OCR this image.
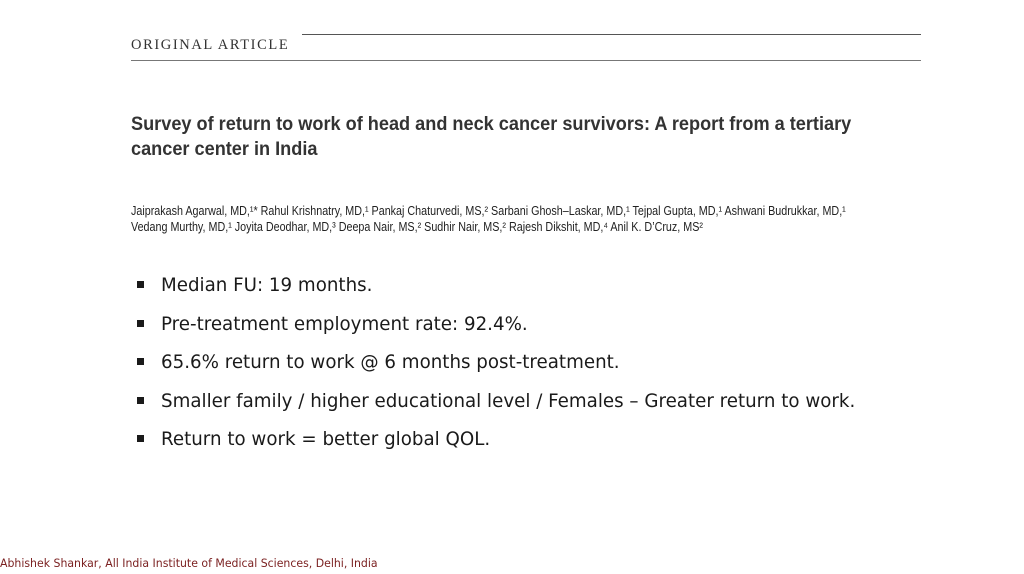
ORIGINAL ARTICLE
Survey of return to work of head and neck cancer survivors: A report from a tertiary
cancer center in India
Jaiprakash Agarwal, MD,¹* Rahul Krishnatry, MD,¹ Pankaj Chaturvedi, MS,² Sarbani Ghosh–Laskar, MD,¹ Tejpal Gupta, MD,¹ Ashwani Budrukkar, MD,¹
Vedang Murthy, MD,¹ Joyita Deodhar, MD,³ Deepa Nair, MS,² Sudhir Nair, MS,² Rajesh Dikshit, MD,⁴ Anil K. D’Cruz, MS²
Median FU: 19 months.
Pre-treatment employment rate: 92.4%.
65.6% return to work @ 6 months post-treatment.
Smaller family / higher educational level / Females – Greater return to work.
Return to work = better global QOL.
Abhishek Shankar, All India Institute of Medical Sciences, Delhi, India
